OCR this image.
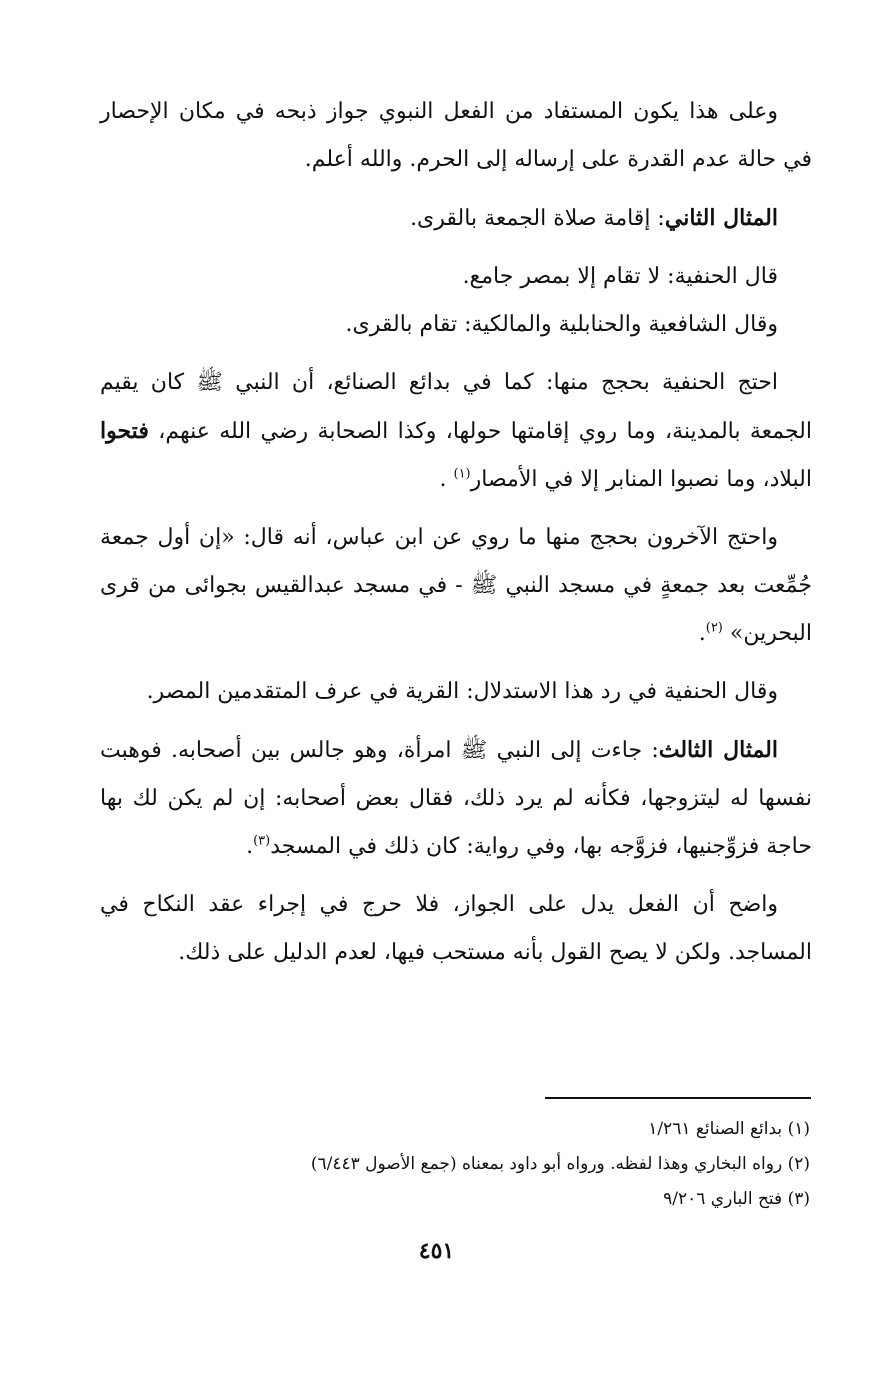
وعلى هذا يكون المستفاد من الفعل النبوي جواز ذبحه في مكان الإحصار في حالة عدم القدرة على إرساله إلى الحرم. والله أعلم.

المثال الثاني: إقامة صلاة الجمعة بالقرى.

قال الحنفية: لا تقام إلا بمصر جامع.

وقال الشافعية والحنابلية والمالكية: تقام بالقرى.

احتج الحنفية بحجج منها: كما في بدائع الصنائع، أن النبي ﷺ كان يقيم الجمعة بالمدينة، وما روي إقامتها حولها، وكذا الصحابة رضي الله عنهم، فتحوا البلاد، وما نصبوا المنابر إلا في الأمصار$^{(١)}$ .

واحتج الآخرون بحجج منها ما روي عن ابن عباس، أنه قال: «إن أول جمعة جُمِّعت بعد جمعةٍ في مسجد النبي ﷺ - في مسجد عبدالقيس بجوائى من قرى البحرين» $^{(٢)}$.

وقال الحنفية في رد هذا الاستدلال: القرية في عرف المتقدمين المصر.

المثال الثالث: جاءت إلى النبي ﷺ امرأة، وهو جالس بين أصحابه. فوهبت نفسها له ليتزوجها، فكأنه لم يرد ذلك، فقال بعض أصحابه: إن لم يكن لك بها حاجة فزوِّجنيها، فزوَّجه بها، وفي رواية: كان ذلك في المسجد$^{(٣)}$.

واضح أن الفعل يدل على الجواز، فلا حرج في إجراء عقد النكاح في المساجد. ولكن لا يصح القول بأنه مستحب فيها، لعدم الدليل على ذلك.

(١) بدائع الصنائع ١/٢٦١

(٢) رواه البخاري وهذا لفظه. ورواه أبو داود بمعناه (جمع الأصول ٦/٤٤٣)

(٣) فتح الباري ٩/٢٠٦

٤٥١
